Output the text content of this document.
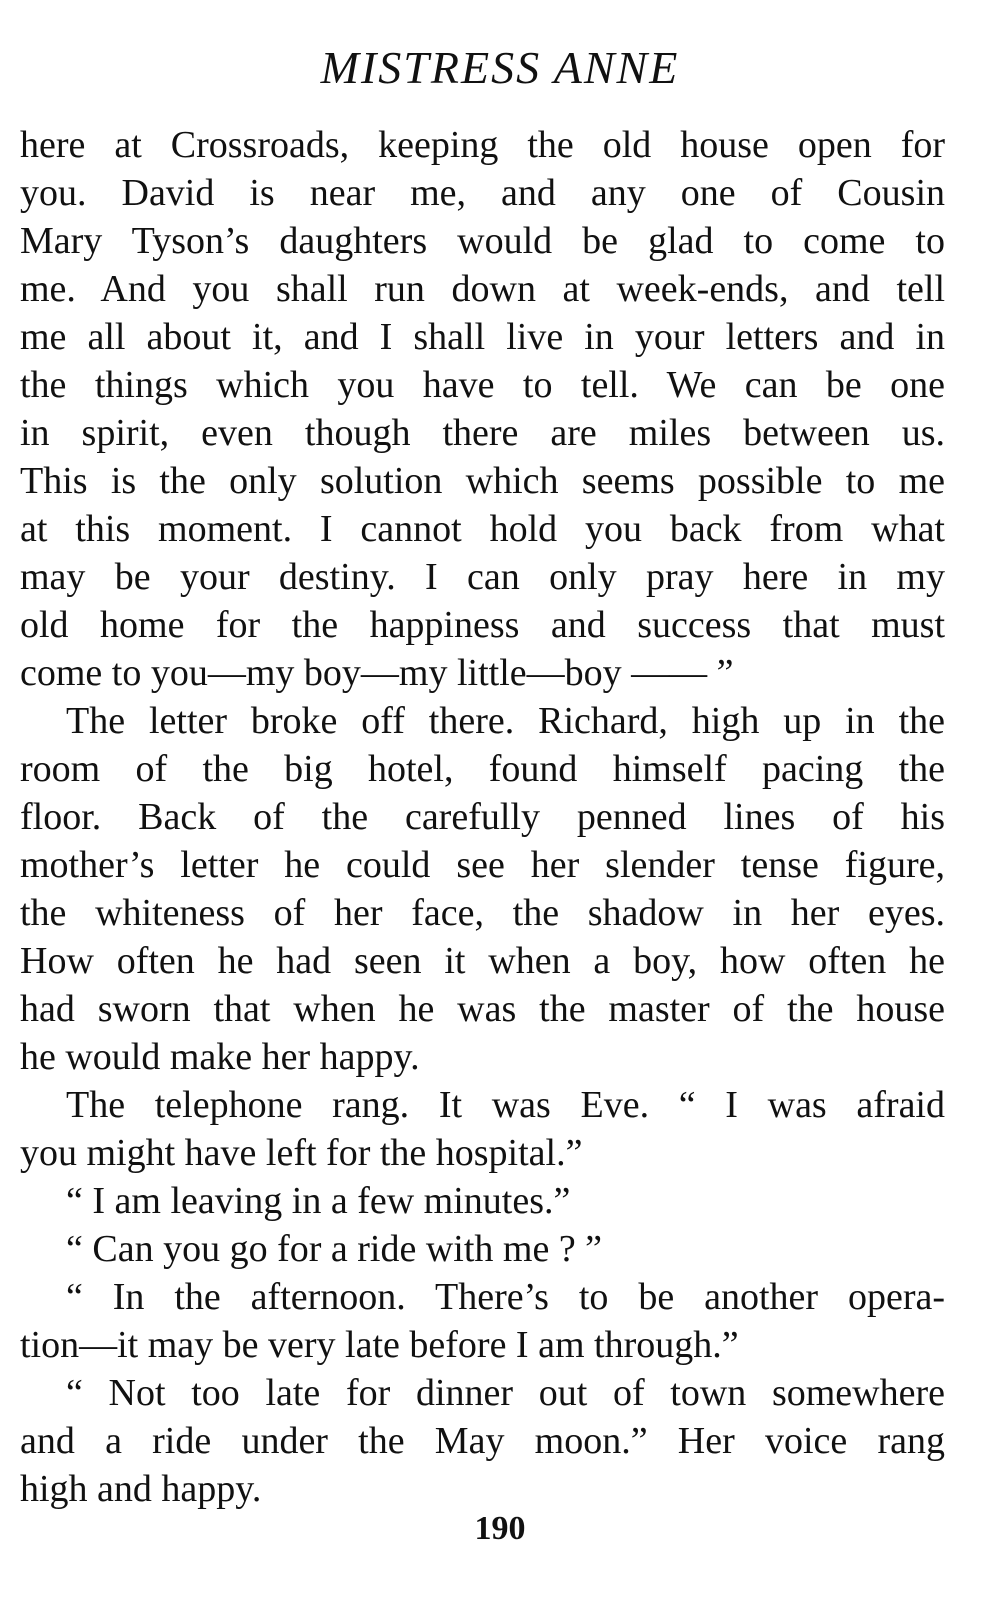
MISTRESS ANNE
here at Crossroads, keeping the old house open for
you. David is near me, and any one of Cousin
Mary Tyson’s daughters would be glad to come to
me. And you shall run down at week-ends, and tell
me all about it, and I shall live in your letters and in
the things which you have to tell. We can be one
in spirit, even though there are miles between us.
This is the only solution which seems possible to me
at this moment. I cannot hold you back from what
may be your destiny. I can only pray here in my
old home for the happiness and success that must
come to you—my boy—my little—boy —— ”
The letter broke off there. Richard, high up in the
room of the big hotel, found himself pacing the
floor. Back of the carefully penned lines of his
mother’s letter he could see her slender tense figure,
the whiteness of her face, the shadow in her eyes.
How often he had seen it when a boy, how often he
had sworn that when he was the master of the house
he would make her happy.
The telephone rang. It was Eve. “ I was afraid
you might have left for the hospital.”
“ I am leaving in a few minutes.”
“ Can you go for a ride with me ? ”
“ In the afternoon. There’s to be another opera-
tion—it may be very late before I am through.”
“ Not too late for dinner out of town somewhere
and a ride under the May moon.” Her voice rang
high and happy.
190
